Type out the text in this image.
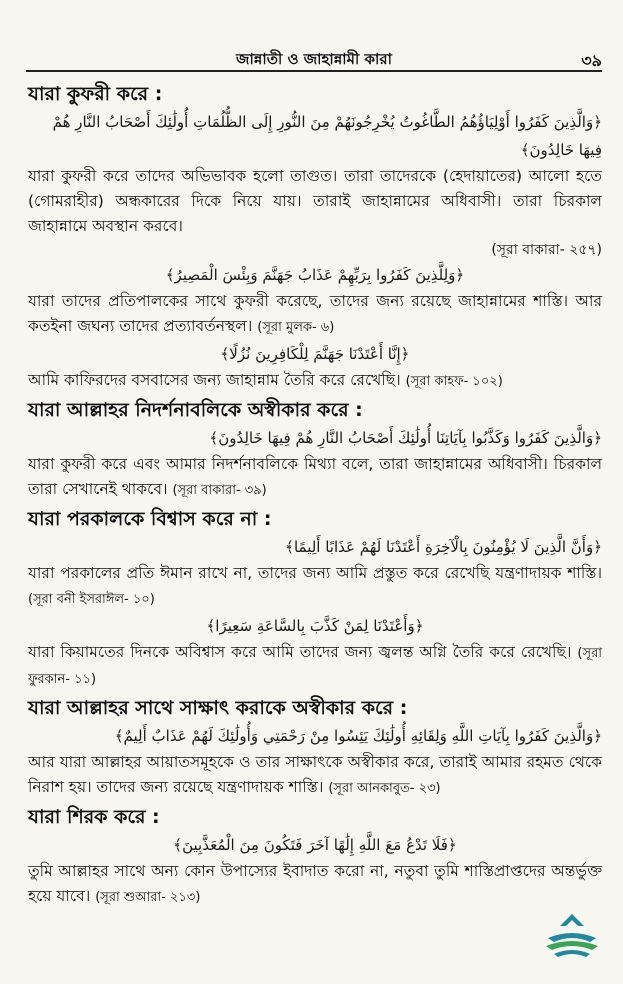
জান্নাতী ও জাহান্নামী কারা	৩৯

যারা কুফরী করে :

﴿وَالَّذِينَ كَفَرُوا أَوْلِيَاؤُهُمُ الطَّاغُوتُ يُخْرِجُونَهُمْ مِنَ النُّورِ إِلَى الظُّلُمَاتِ أُولَٰئِكَ أَصْحَابُ النَّارِ هُمْ فِيهَا خَالِدُونَ﴾

যারা কুফরী করে তাদের অভিভাবক হলো তাগুত। তারা তাদেরকে (হেদায়াতের) আলো হতে (গোমরাহীর) অন্ধকারের দিকে নিয়ে যায়। তারাই জাহান্নামের অধিবাসী। তারা চিরকাল জাহান্নামে অবস্থান করবে।

(সূরা বাকারা- ২৫৭)

﴿وَلِلَّذِينَ كَفَرُوا بِرَبِّهِمْ عَذَابُ جَهَنَّمَ وَبِئْسَ الْمَصِيرُ﴾

যারা তাদের প্রতিপালকের সাথে কুফরী করেছে, তাদের জন্য রয়েছে জাহান্নামের শাস্তি। আর কতইনা জঘন্য তাদের প্রত্যাবর্তনস্থল। (সূরা মুলক- ৬)

﴿إِنَّا أَعْتَدْنَا جَهَنَّمَ لِلْكَافِرِينَ نُزُلًا﴾

আমি কাফিরদের বসবাসের জন্য জাহান্নাম তৈরি করে রেখেছি। (সূরা কাহফ- ১০২)

যারা আল্লাহর নিদর্শনাবলিকে অস্বীকার করে :

﴿وَالَّذِينَ كَفَرُوا وَكَذَّبُوا بِآيَاتِنَا أُولَٰئِكَ أَصْحَابُ النَّارِ هُمْ فِيهَا خَالِدُونَ﴾

যারা কুফরী করে এবং আমার নিদর্শনাবলিকে মিথ্যা বলে, তারা জাহান্নামের অধিবাসী। চিরকাল তারা সেখানেই থাকবে। (সূরা বাকারা- ৩৯)

যারা পরকালকে বিশ্বাস করে না :

﴿وَأَنَّ الَّذِينَ لَا يُؤْمِنُونَ بِالْآخِرَةِ أَعْتَدْنَا لَهُمْ عَذَابًا أَلِيمًا﴾

যারা পরকালের প্রতি ঈমান রাখে না, তাদের জন্য আমি প্রস্তুত করে রেখেছি যন্ত্রণাদায়ক শাস্তি। (সূরা বনী ইসরাঈল- ১০)

﴿وَأَعْتَدْنَا لِمَنْ كَذَّبَ بِالسَّاعَةِ سَعِيرًا﴾

যারা কিয়ামতের দিনকে অবিশ্বাস করে আমি তাদের জন্য জ্বলন্ত অগ্নি তৈরি করে রেখেছি। (সূরা ফুরকান- ১১)

যারা আল্লাহর সাথে সাক্ষাৎ করাকে অস্বীকার করে :

﴿وَالَّذِينَ كَفَرُوا بِآيَاتِ اللَّهِ وَلِقَائِهِ أُولَٰئِكَ يَئِسُوا مِنْ رَحْمَتِي وَأُولَٰئِكَ لَهُمْ عَذَابٌ أَلِيمٌ﴾

আর যারা আল্লাহর আয়াতসমূহকে ও তার সাক্ষাৎকে অস্বীকার করে, তারাই আমার রহমত থেকে নিরাশ হয়। তাদের জন্য রয়েছে যন্ত্রণাদায়ক শাস্তি। (সূরা আনকাবুত- ২৩)

যারা শিরক করে :

﴿فَلَا تَدْعُ مَعَ اللَّهِ إِلَٰهًا آخَرَ فَتَكُونَ مِنَ الْمُعَذَّبِينَ﴾

তুমি আল্লাহর সাথে অন্য কোন উপাস্যের ইবাদাত করো না, নতুবা তুমি শাস্তিপ্রাপ্তদের অন্তর্ভুক্ত হয়ে যাবে। (সূরা শুআরা- ২১৩)
